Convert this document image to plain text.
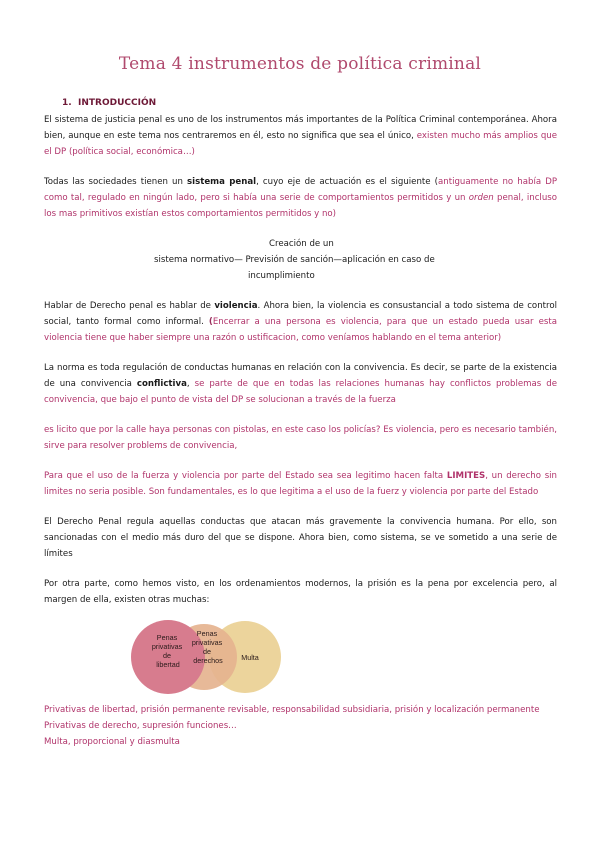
Tema 4 instrumentos de política criminal
1. INTRODUCCIÓN
El sistema de justicia penal es uno de los instrumentos más importantes de la Política Criminal contemporánea. Ahora bien, aunque en este tema nos centraremos en él, esto no significa que sea el único, existen mucho más amplios que el DP (política social, económica…)
Todas las sociedades tienen un sistema penal, cuyo eje de actuación es el siguiente (antiguamente no había DP como tal, regulado en ningún lado, pero si había una serie de comportamientos permitidos y un orden penal, incluso los mas primitivos existían estos comportamientos permitidos y no)
Creación de un
sistema normativo— Previsión de sanción—aplicación en caso de
incumplimiento
Hablar de Derecho penal es hablar de violencia. Ahora bien, la violencia es consustancial a todo sistema de control social, tanto formal como informal. (Encerrar a una persona es violencia, para que un estado pueda usar esta violencia tiene que haber siempre una razón o ustificacion, como veníamos hablando en el tema anterior)
La norma es toda regulación de conductas humanas en relación con la convivencia. Es decir, se parte de la existencia de una convivencia conflictiva, se parte de que en todas las relaciones humanas hay conflictos problemas de convivencia, que bajo el punto de vista del DP se solucionan a través de la fuerza
es licito que por la calle haya personas con pistolas, en este caso los policías? Es violencia, pero es necesario también, sirve para resolver problems de convivencia,
Para que el uso de la fuerza y violencia por parte del Estado sea sea legitimo hacen falta LIMITES, un derecho sin limites no seria posible. Son fundamentales, es lo que legitima a el uso de la fuerz y violencia por parte del Estado
El Derecho Penal regula aquellas conductas que atacan más gravemente la convivencia humana. Por ello, son sancionadas con el medio más duro del que se dispone. Ahora bien, como sistema, se ve sometido a una serie de límites
Por otra parte, como hemos visto, en los ordenamientos modernos, la prisión es la pena por excelencia pero, al margen de ella, existen otras muchas:
Penas privativas de libertad
Penas privativas de derechos	Multa
Privativas de libertad, prisión permanente revisable, responsabilidad subsidiaria, prisión y localización permanente
Privativas de derecho, supresión funciones…
Multa, proporcional y diasmulta
